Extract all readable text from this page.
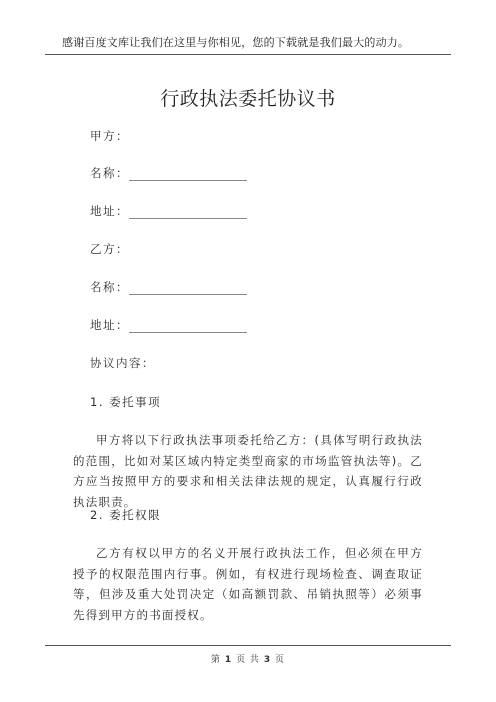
感谢百度文库让我们在这里与你相见，您的下载就是我们最大的动力。
行政执法委托协议书
甲方：
名称：
地址：
乙方：
名称：
地址：
协议内容：
1. 委托事项
甲方将以下行政执法事项委托给乙方：(具体写明行政执法的范围，比如对某区域内特定类型商家的市场监管执法等)。乙方应当按照甲方的要求和相关法律法规的规定，认真履行行政执法职责。
2. 委托权限
乙方有权以甲方的名义开展行政执法工作，但必须在甲方授予的权限范围内行事。例如，有权进行现场检查、调查取证等，但涉及重大处罚决定（如高额罚款、吊销执照等）必须事先得到甲方的书面授权。
第 1 页 共 3 页
